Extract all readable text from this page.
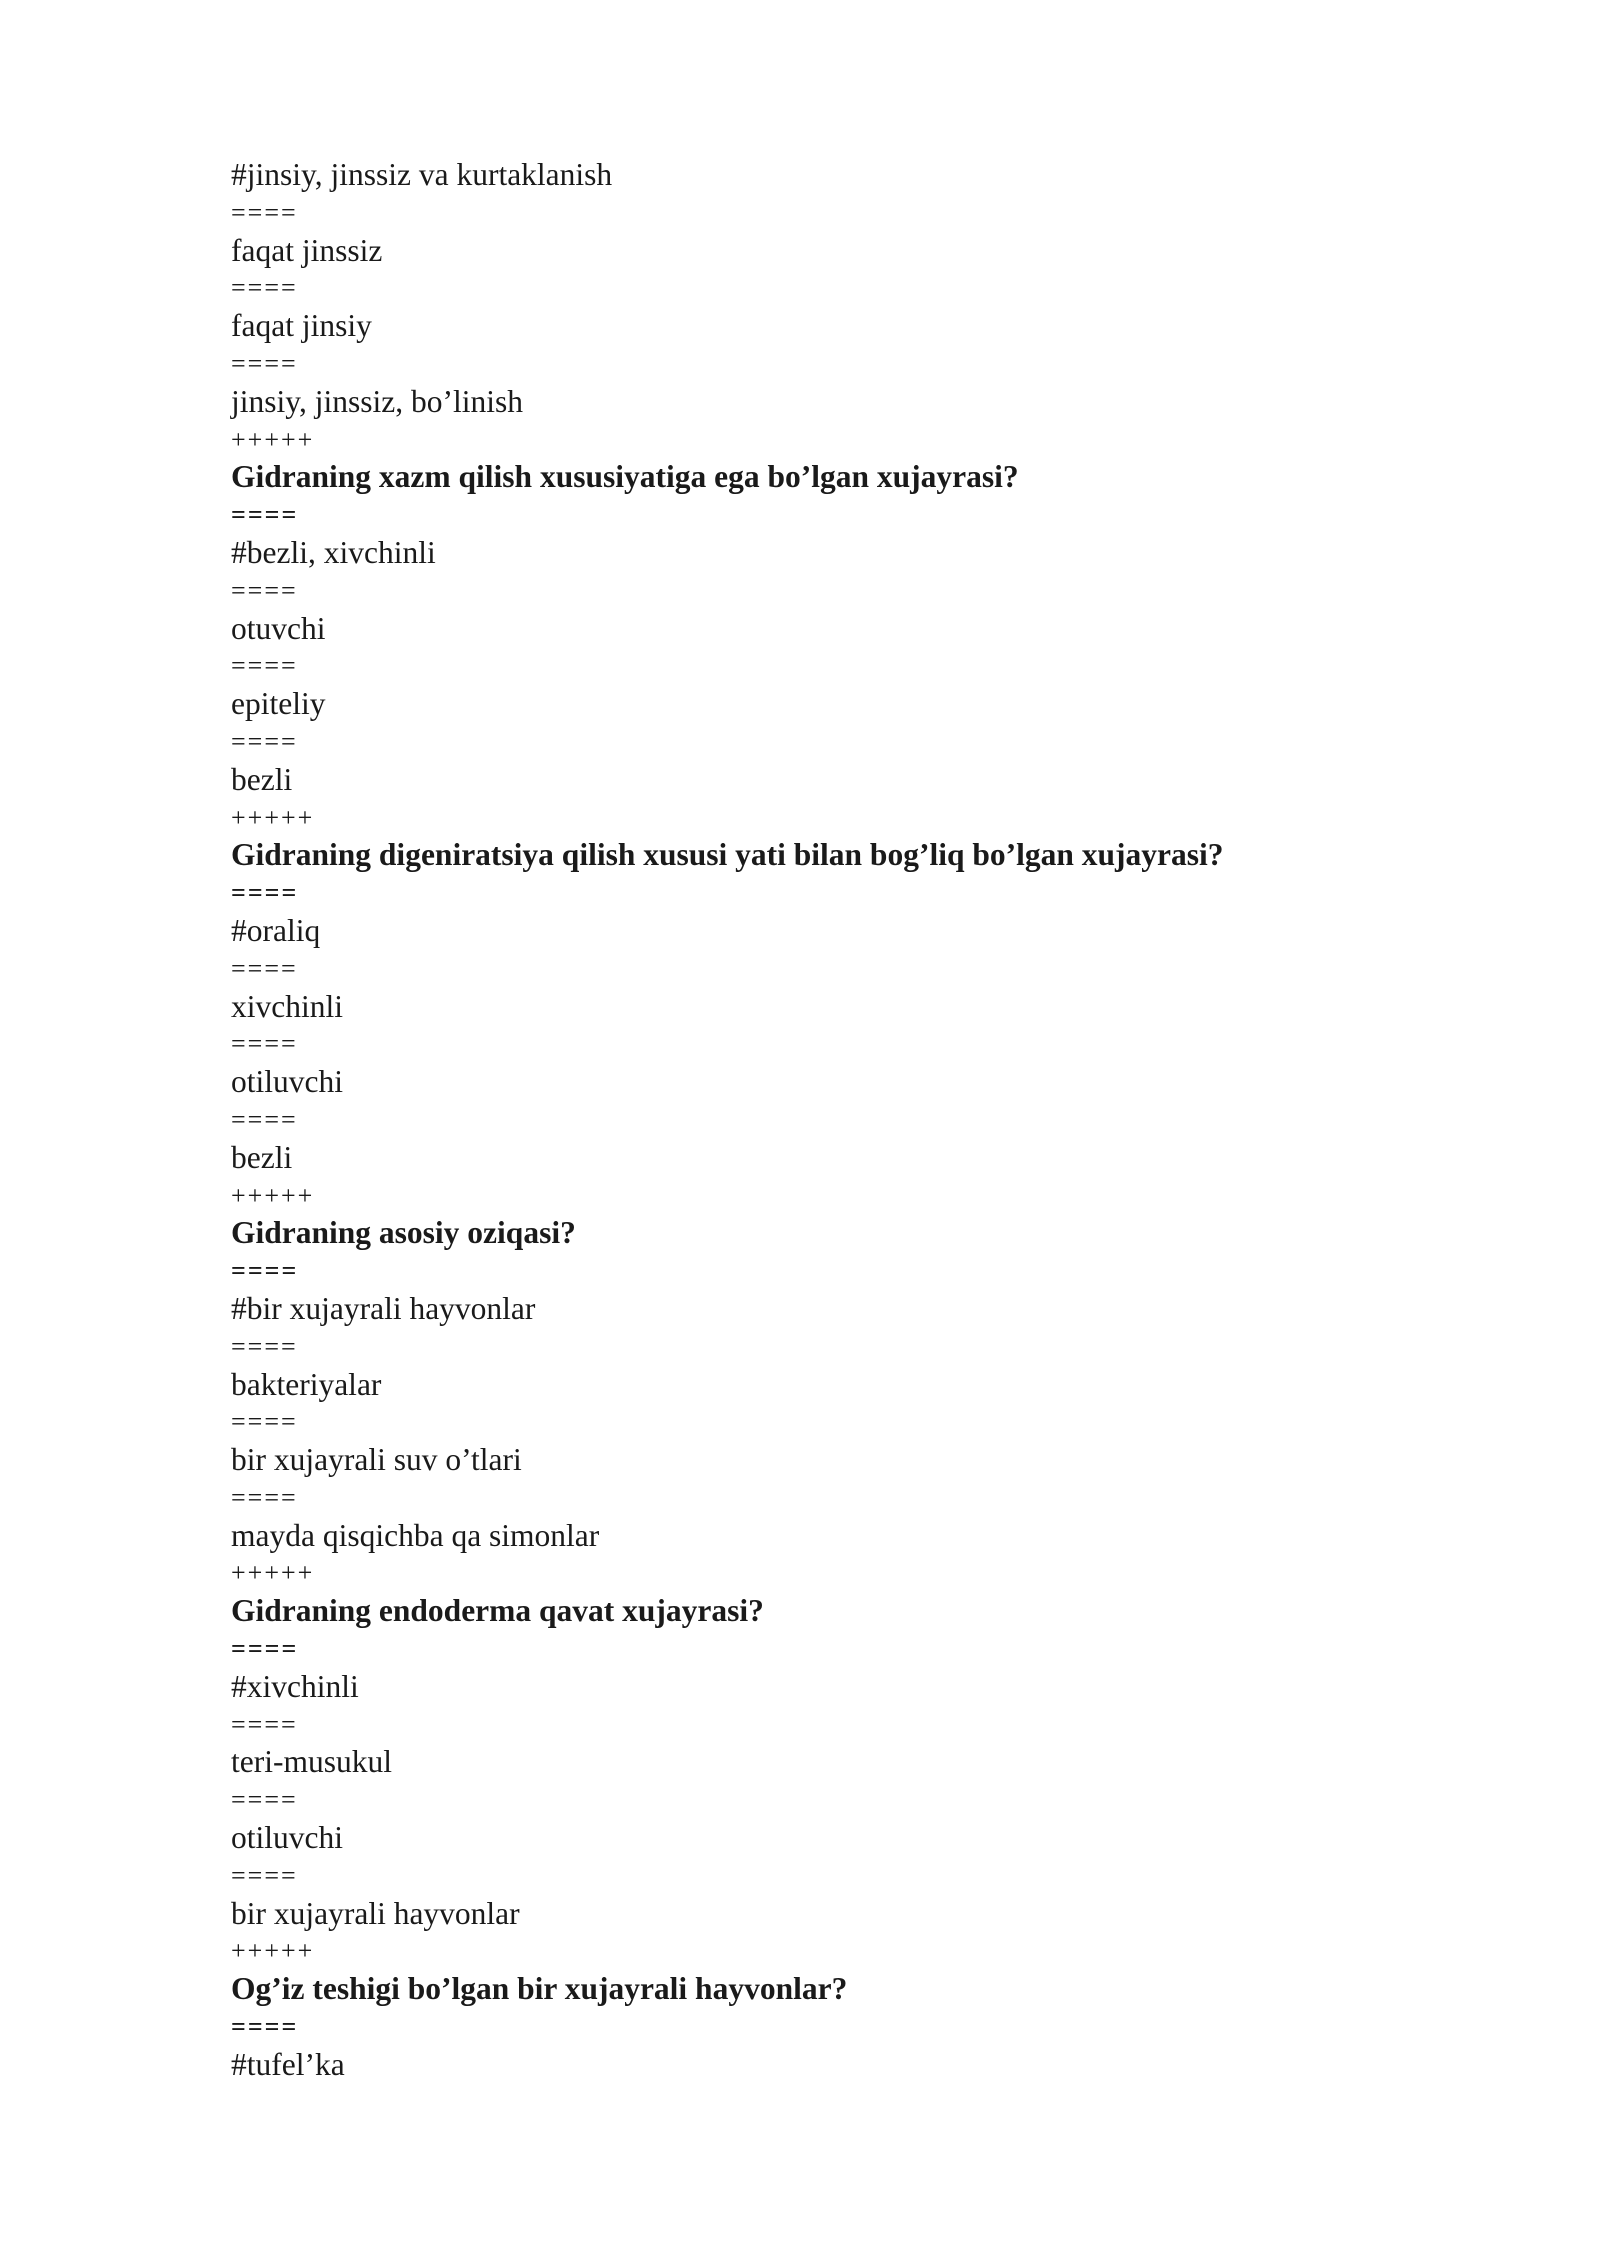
#jinsiy, jinssiz va kurtaklanish
====
faqat jinssiz
====
faqat jinsiy
====
jinsiy, jinssiz, bo’linish
+++++
Gidraning xazm qilish xususiyatiga ega bo’lgan xujayrasi?
====
#bezli, xivchinli
====
otuvchi
====
epiteliy
====
bezli
+++++
Gidraning digeniratsiya qilish xususi yati bilan bog’liq bo’lgan xujayrasi?
====
#oraliq
====
xivchinli
====
otiluvchi
====
bezli
+++++
Gidraning asosiy oziqasi?
====
#bir xujayrali hayvonlar
====
bakteriyalar
====
bir xujayrali suv o’tlari
====
mayda qisqichba qa simonlar
+++++
Gidraning endoderma qavat xujayrasi?
====
#xivchinli
====
teri-musukul
====
otiluvchi
====
bir xujayrali hayvonlar
+++++
Og’iz teshigi bo’lgan bir xujayrali hayvonlar?
====
#tufel’ka
